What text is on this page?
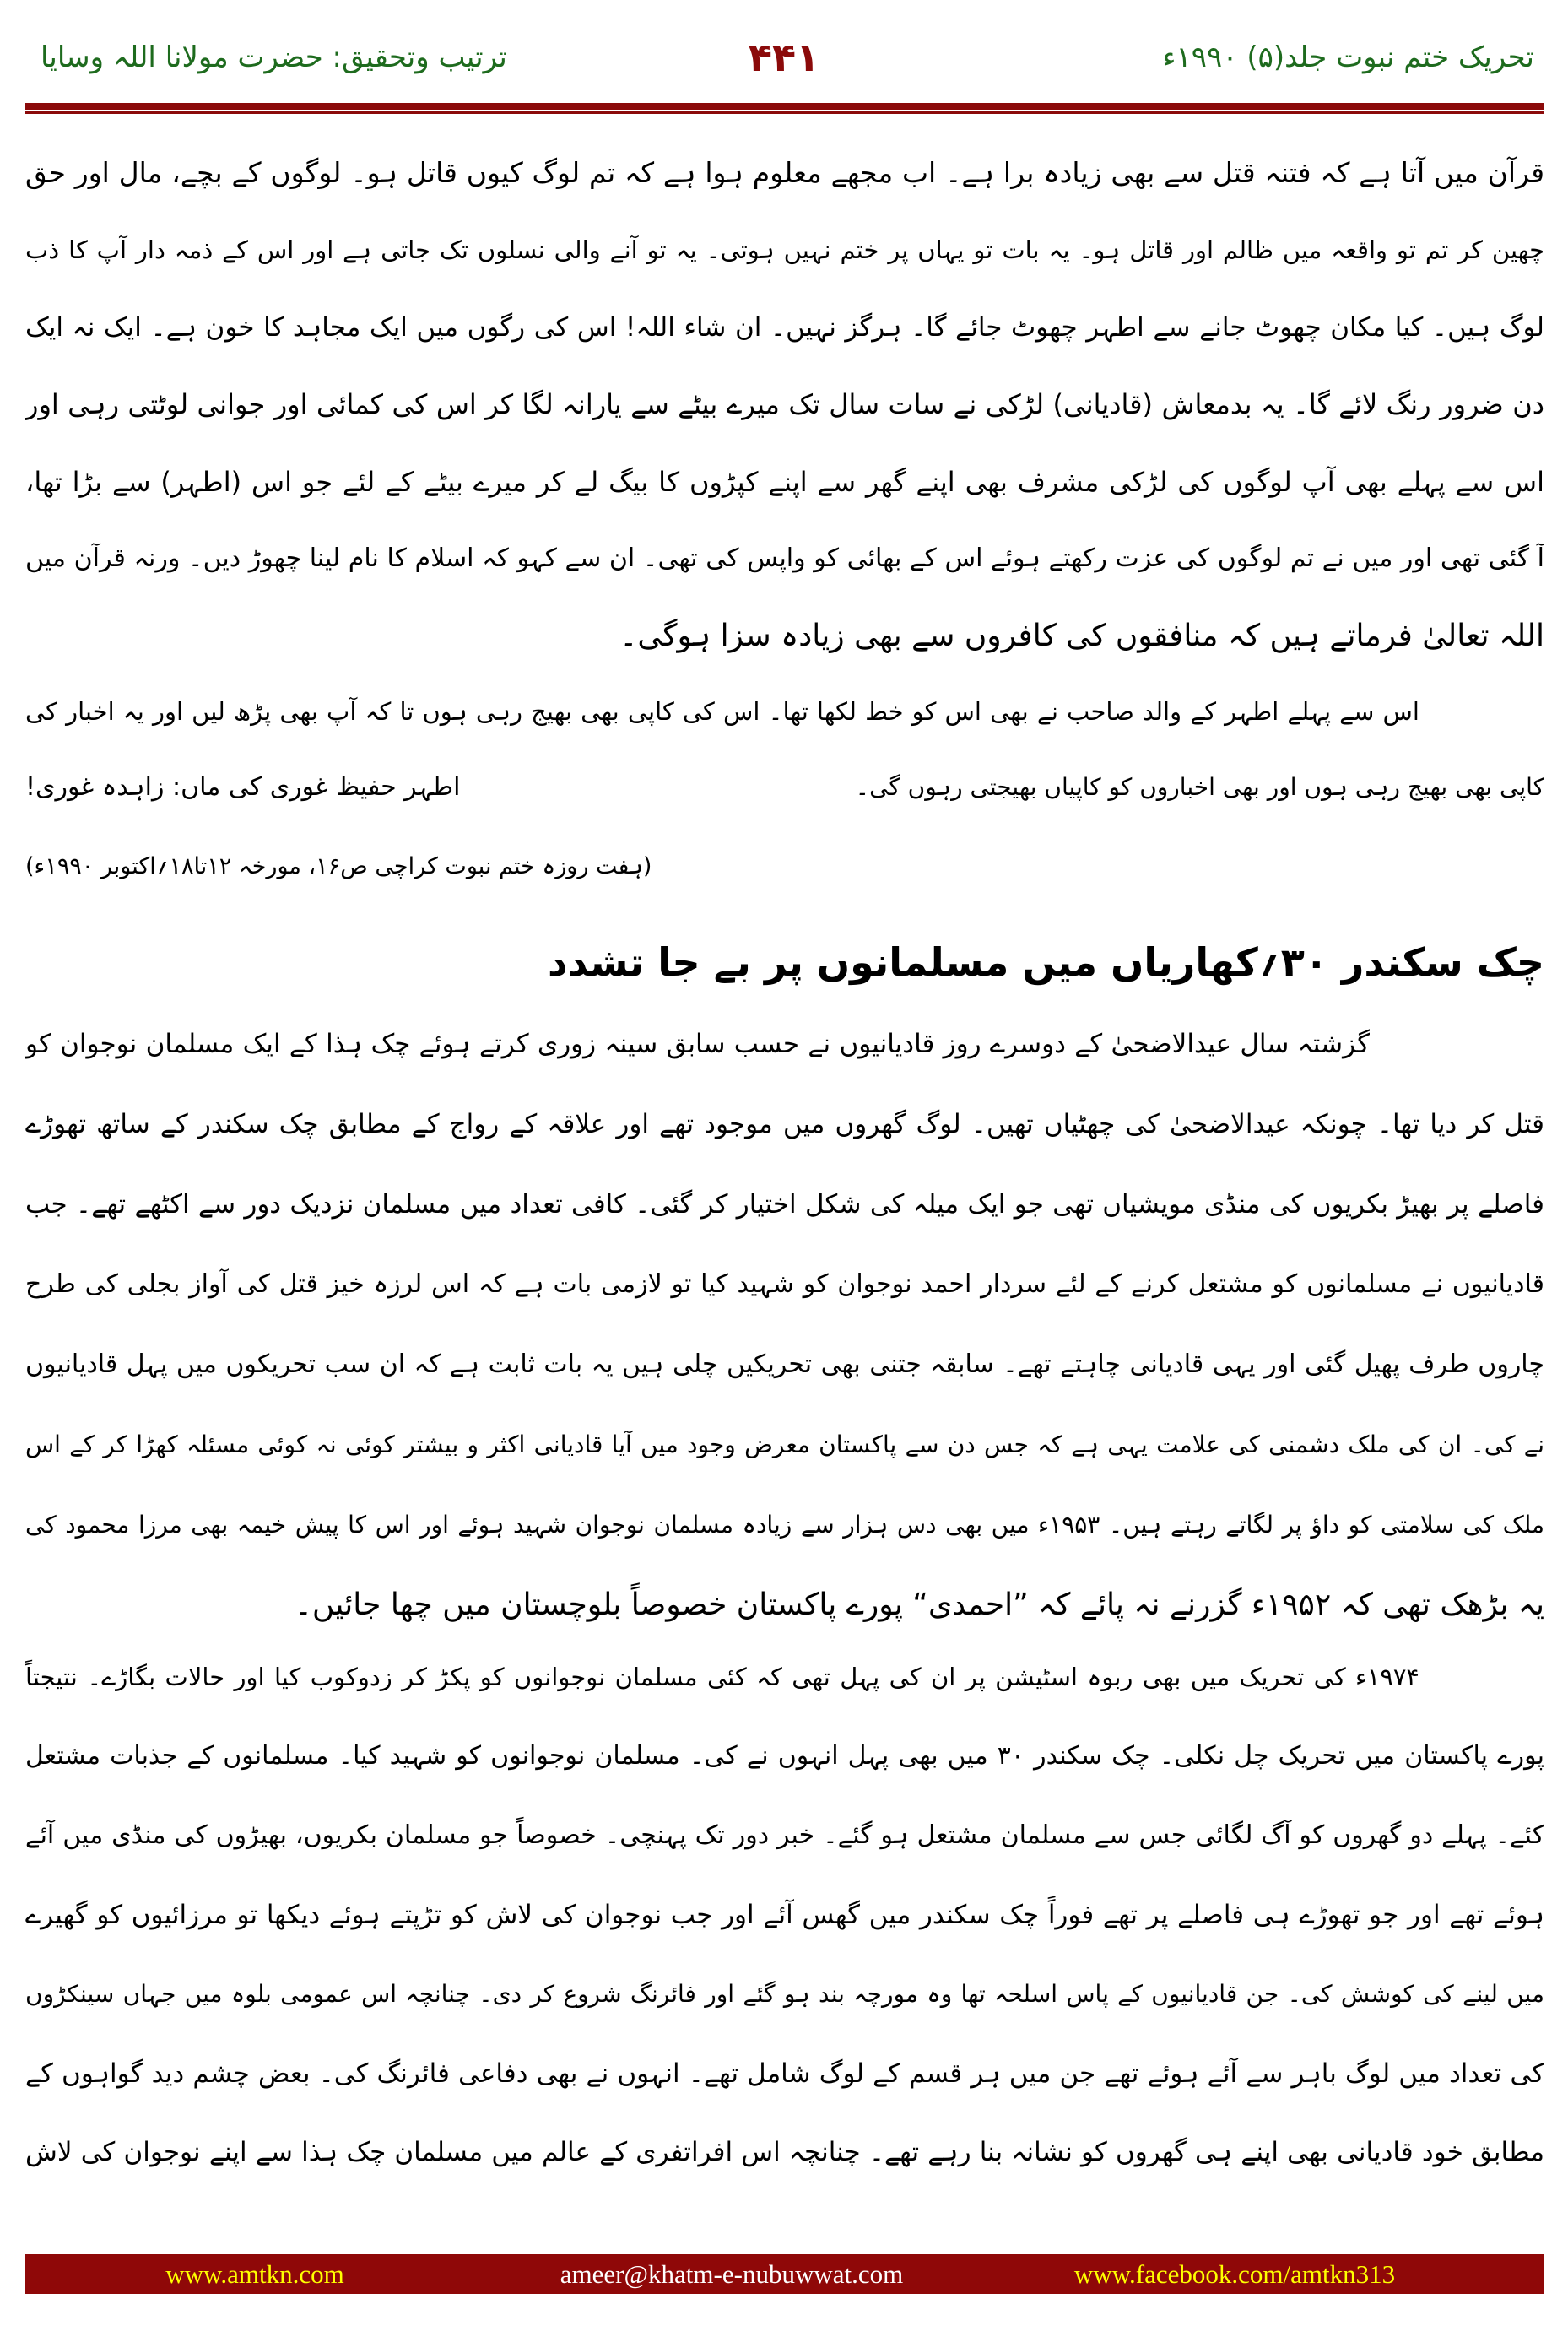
تحریک ختم نبوت جلد(۵) ۱۹۹۰ء
۴۴۱
ترتیب وتحقیق: حضرت مولانا اللہ وسایا
قرآن میں آتا ہے کہ فتنہ قتل سے بھی زیادہ برا ہے۔ اب مجھے معلوم ہوا ہے کہ تم لوگ کیوں قاتل ہو۔ لوگوں کے بچے، مال اور حق
چھین کر تم تو واقعہ میں ظالم اور قاتل ہو۔ یہ بات تو یہاں پر ختم نہیں ہوتی۔ یہ تو آنے والی نسلوں تک جاتی ہے اور اس کے ذمہ دار آپ کا ذب
لوگ ہیں۔ کیا مکان چھوٹ جانے سے اطہر چھوٹ جائے گا۔ ہرگز نہیں۔ ان شاء اللہ! اس کی رگوں میں ایک مجاہد کا خون ہے۔ ایک نہ ایک
دن ضرور رنگ لائے گا۔ یہ بدمعاش (قادیانی) لڑکی نے سات سال تک میرے بیٹے سے یارانہ لگا کر اس کی کمائی اور جوانی لوٹتی رہی اور
اس سے پہلے بھی آپ لوگوں کی لڑکی مشرف بھی اپنے گھر سے اپنے کپڑوں کا بیگ لے کر میرے بیٹے کے لئے جو اس (اطہر) سے بڑا تھا،
آ گئی تھی اور میں نے تم لوگوں کی عزت رکھتے ہوئے اس کے بھائی کو واپس کی تھی۔ ان سے کہو کہ اسلام کا نام لینا چھوڑ دیں۔ ورنہ قرآن میں
اللہ تعالیٰ فرماتے ہیں کہ منافقوں کی کافروں سے بھی زیادہ سزا ہوگی۔
اس سے پہلے اطہر کے والد صاحب نے بھی اس کو خط لکھا تھا۔ اس کی کاپی بھی بھیج رہی ہوں تا کہ آپ بھی پڑھ لیں اور یہ اخبار کی
کاپی بھی بھیج رہی ہوں اور بھی اخباروں کو کاپیاں بھیجتی رہوں گی۔
اطہر حفیظ غوری کی ماں: زاہدہ غوری!
(ہفت روزہ ختم نبوت کراچی ص۱۶، مورخہ ۱۲تا۱۸؍اکتوبر ۱۹۹۰ء)
چک سکندر ۳۰؍کھاریاں میں مسلمانوں پر بے جا تشدد
گزشتہ سال عیدالاضحیٰ کے دوسرے روز قادیانیوں نے حسب سابق سینہ زوری کرتے ہوئے چک ہذا کے ایک مسلمان نوجوان کو
قتل کر دیا تھا۔ چونکہ عیدالاضحیٰ کی چھٹیاں تھیں۔ لوگ گھروں میں موجود تھے اور علاقہ کے رواج کے مطابق چک سکندر کے ساتھ تھوڑے
فاصلے پر بھیڑ بکریوں کی منڈی مویشیاں تھی جو ایک میلہ کی شکل اختیار کر گئی۔ کافی تعداد میں مسلمان نزدیک دور سے اکٹھے تھے۔ جب
قادیانیوں نے مسلمانوں کو مشتعل کرنے کے لئے سردار احمد نوجوان کو شہید کیا تو لازمی بات ہے کہ اس لرزہ خیز قتل کی آواز بجلی کی طرح
چاروں طرف پھیل گئی اور یہی قادیانی چاہتے تھے۔ سابقہ جتنی بھی تحریکیں چلی ہیں یہ بات ثابت ہے کہ ان سب تحریکوں میں پہل قادیانیوں
نے کی۔ ان کی ملک دشمنی کی علامت یہی ہے کہ جس دن سے پاکستان معرض وجود میں آیا قادیانی اکثر و بیشتر کوئی نہ کوئی مسئلہ کھڑا کر کے اس
ملک کی سلامتی کو داؤ پر لگاتے رہتے ہیں۔ ۱۹۵۳ء میں بھی دس ہزار سے زیادہ مسلمان نوجوان شہید ہوئے اور اس کا پیش خیمہ بھی مرزا محمود کی
یہ بڑھک تھی کہ ۱۹۵۲ء گزرنے نہ پائے کہ ”احمدی“ پورے پاکستان خصوصاً بلوچستان میں چھا جائیں۔
۱۹۷۴ء کی تحریک میں بھی ربوہ اسٹیشن پر ان کی پہل تھی کہ کئی مسلمان نوجوانوں کو پکڑ کر زدوکوب کیا اور حالات بگاڑے۔ نتیجتاً
پورے پاکستان میں تحریک چل نکلی۔ چک سکندر ۳۰ میں بھی پہل انہوں نے کی۔ مسلمان نوجوانوں کو شہید کیا۔ مسلمانوں کے جذبات مشتعل
کئے۔ پہلے دو گھروں کو آگ لگائی جس سے مسلمان مشتعل ہو گئے۔ خبر دور تک پہنچی۔ خصوصاً جو مسلمان بکریوں، بھیڑوں کی منڈی میں آئے
ہوئے تھے اور جو تھوڑے ہی فاصلے پر تھے فوراً چک سکندر میں گھس آئے اور جب نوجوان کی لاش کو تڑپتے ہوئے دیکھا تو مرزائیوں کو گھیرے
میں لینے کی کوشش کی۔ جن قادیانیوں کے پاس اسلحہ تھا وہ مورچہ بند ہو گئے اور فائرنگ شروع کر دی۔ چنانچہ اس عمومی بلوہ میں جہاں سینکڑوں
کی تعداد میں لوگ باہر سے آئے ہوئے تھے جن میں ہر قسم کے لوگ شامل تھے۔ انہوں نے بھی دفاعی فائرنگ کی۔ بعض چشم دید گواہوں کے
مطابق خود قادیانی بھی اپنے ہی گھروں کو نشانہ بنا رہے تھے۔ چنانچہ اس افراتفری کے عالم میں مسلمان چک ہذا سے اپنے نوجوان کی لاش
www.amtkn.com	ameer@khatm-e-nubuwwat.com	www.facebook.com/amtkn313
